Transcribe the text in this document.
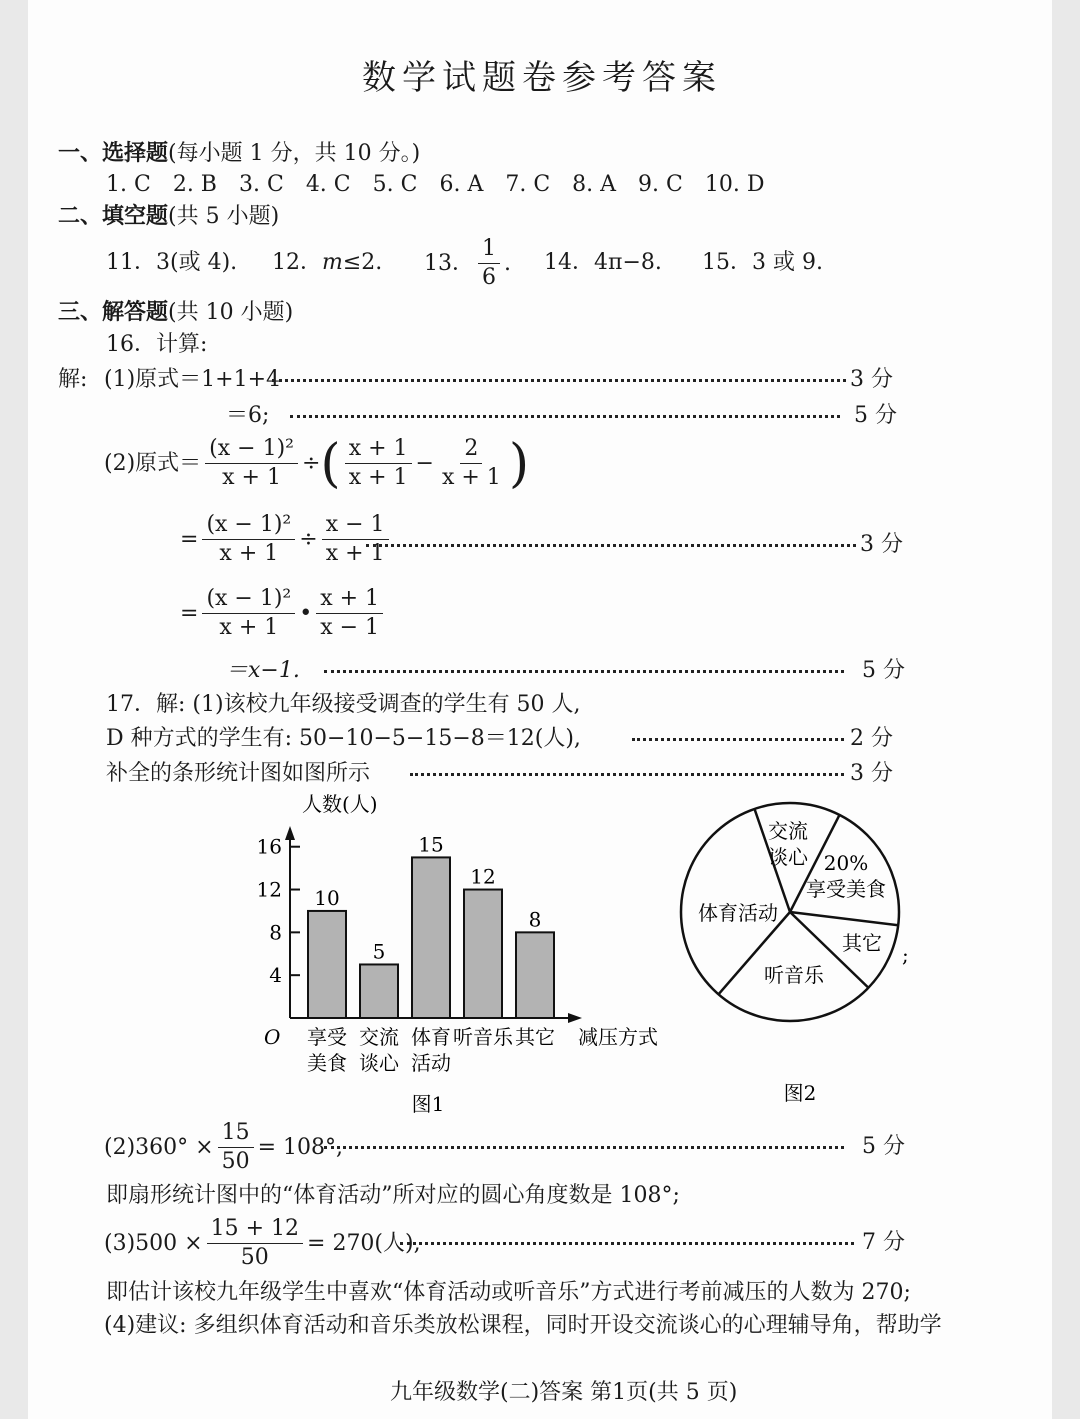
数学试题卷参考答案
一、选择题(每小题 1 分，共 10 分。)
1. C 2. B 3. C 4. C 5. C 6. A 7. C 8. A 9. C 10. D
二、填空题(共 5 小题)
11．3(或 4). 12．m≤2. 13． $\frac{1}{6}$ . 14．4π−8. 15．3 或 9.
三、解答题(共 10 小题)
16．计算:
解: (1)原式＝1+1+4	3 分
＝6;	5 分
(2)原式＝ $\frac{\text{(x − 1)²}}{x + 1}$ ÷ ( $\frac{x + 1}{x + 1} - \frac{2}{x + 1}$ )
= $\frac{\text{(x − 1)²}}{x + 1} \div \frac{x - 1}{x + 1}$	3 分
= $\frac{\text{(x − 1)²}}{x + 1}$ • $\frac{x + 1}{x - 1}$
＝x−1.	5 分
17．解: (1)该校九年级接受调查的学生有 50 人,
D 种方式的学生有: 50−10−5−15−8＝12(人),	2 分
补全的条形统计图如图所示	3 分
人数(人)
O
4
8
12
16
10
享受
美食
5
交流
谈心
15
体育
活动
12
听音乐
8
其它 减压方式
图1
交流
谈心 20%
享受美食
其它
听音乐
体育活动
;
图2
$(2)360^\circ \times \frac{15}{50} = 108^\circ$,	5 分
即扇形统计图中的“体育活动”所对应的圆心角度数是 108°;
$(3)500 \times \frac{15 + 12}{50} = 270$(人),	7 分
即估计该校九年级学生中喜欢“体育活动或听音乐”方式进行考前减压的人数为 270;
(4)建议: 多组织体育活动和音乐类放松课程，同时开设交流谈心的心理辅导角，帮助学
九年级数学(二)答案 第1页(共 5 页)
